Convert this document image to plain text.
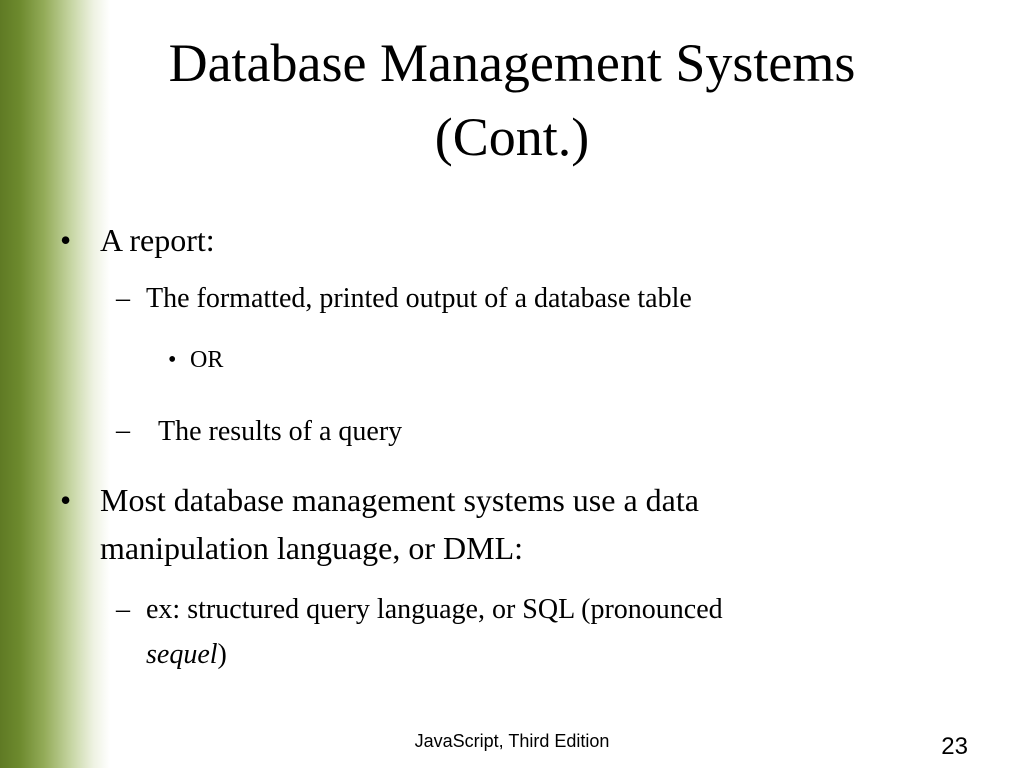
Database Management Systems
(Cont.)
• A report:
– The formatted, printed output of a database table
• OR
– The results of a query
• Most database management systems use a data
manipulation language, or DML:
– ex: structured query language, or SQL (pronounced
sequel)
JavaScript, Third Edition	23
